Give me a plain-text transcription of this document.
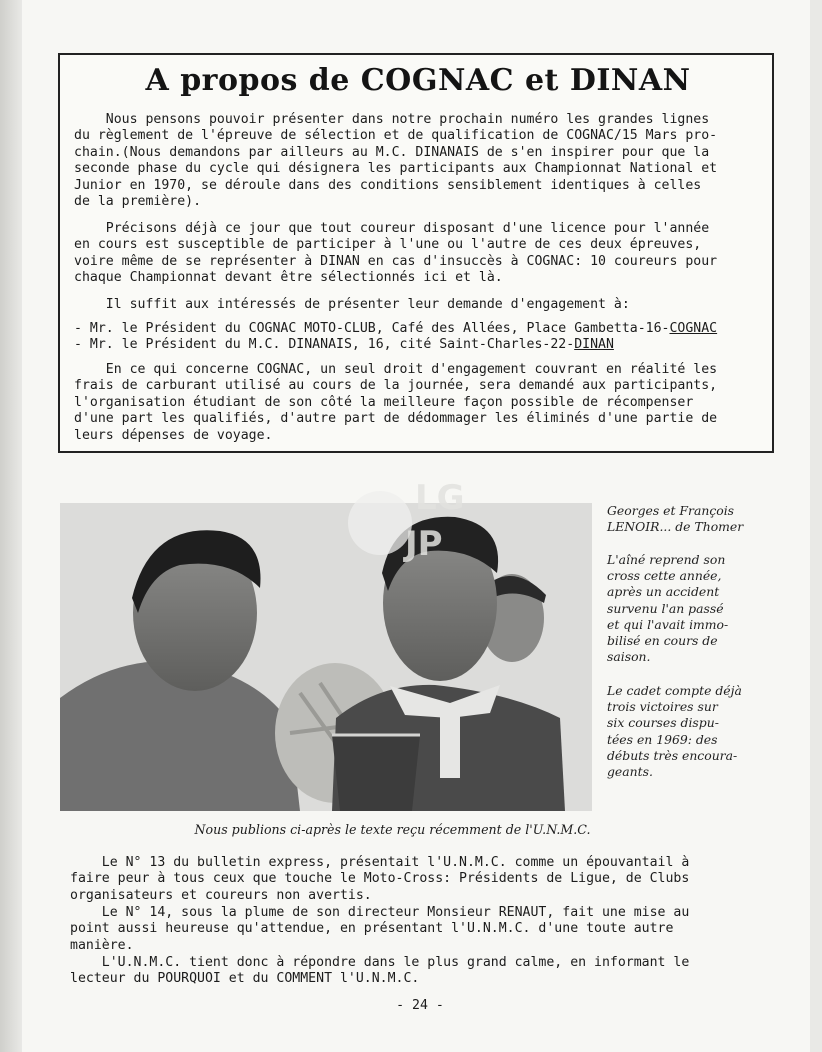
A propos de COGNAC et DINAN
Nous pensons pouvoir présenter dans notre prochain numéro les grandes lignes
du règlement de l'épreuve de sélection et de qualification de COGNAC/15 Mars pro-
chain.(Nous demandons par ailleurs au M.C. DINANAIS de s'en inspirer pour que la
seconde phase du cycle qui désignera les participants aux Championnat National et
Junior en 1970, se déroule dans des conditions sensiblement identiques à celles
de la première).
Précisons déjà ce jour que tout coureur disposant d'une licence pour l'année
en cours est susceptible de participer à l'une ou l'autre de ces deux épreuves,
voire même de se représenter à DINAN en cas d'insuccès à COGNAC: 10 coureurs pour
chaque Championnat devant être sélectionnés ici et là.
Il suffit aux intéressés de présenter leur demande d'engagement à:
- Mr. le Président du COGNAC MOTO-CLUB, Café des Allées, Place Gambetta-16-COGNAC
- Mr. le Président du M.C. DINANAIS, 16, cité Saint-Charles-22-DINAN
En ce qui concerne COGNAC, un seul droit d'engagement couvrant en réalité les
frais de carburant utilisé au cours de la journée, sera demandé aux participants,
l'organisation étudiant de son côté la meilleure façon possible de récompenser
d'une part les qualifiés, d'autre part de dédommager les éliminés d'une partie de
leurs dépenses de voyage.
LG
JP
Georges et François
LENOIR... de Thomer
L'aîné reprend son
cross cette année,
après un accident
survenu l'an passé
et qui l'avait immo-
bilisé en cours de
saison.
Le cadet compte déjà
trois victoires sur
six courses dispu-
tées en 1969: des
débuts très encoura-
geants.
Nous publions ci-après le texte reçu récemment de l'U.N.M.C.
Le N° 13 du bulletin express, présentait l'U.N.M.C. comme un épouvantail à
faire peur à tous ceux que touche le Moto-Cross: Présidents de Ligue, de Clubs
organisateurs et coureurs non avertis.
Le N° 14, sous la plume de son directeur Monsieur RENAUT, fait une mise au
point aussi heureuse qu'attendue, en présentant l'U.N.M.C. d'une toute autre
manière.
L'U.N.M.C. tient donc à répondre dans le plus grand calme, en informant le
lecteur du POURQUOI et du COMMENT l'U.N.M.C.
- 24 -
